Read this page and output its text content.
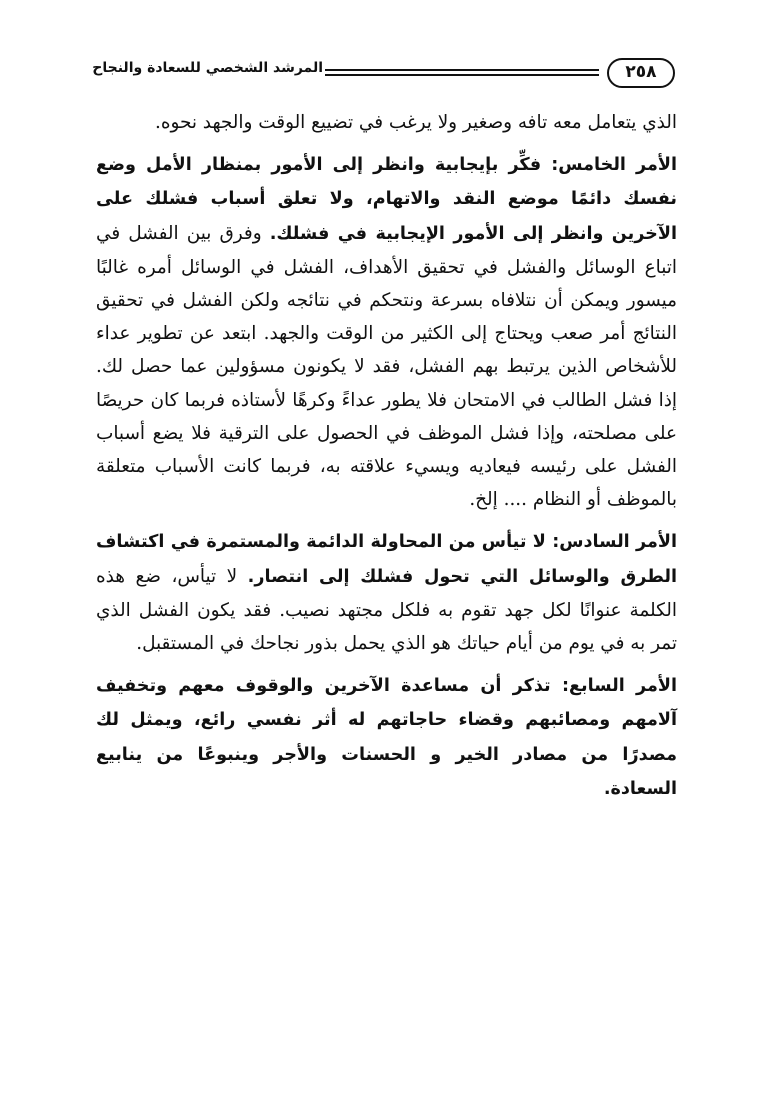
٢٥٨
المرشد الشخصي للسعادة والنجاح

الذي يتعامل معه تافه وصغير ولا يرغب في تضييع الوقت والجهد نحوه.

الأمر الخامس: فكِّر بإيجابية وانظر إلى الأمور بمنظار الأمل وضع نفسك دائمًا موضع النقد والاتهام، ولا تعلق أسباب فشلك على الآخرين وانظر إلى الأمور الإيجابية في فشلك. وفرق بين الفشل في اتباع الوسائل والفشل في تحقيق الأهداف، الفشل في الوسائل أمره غالبًا ميسور ويمكن أن نتلافاه بسرعة ونتحكم في نتائجه ولكن الفشل في تحقيق النتائج أمر صعب ويحتاج إلى الكثير من الوقت والجهد. ابتعد عن تطوير عداء للأشخاص الذين يرتبط بهم الفشل، فقد لا يكونون مسؤولين عما حصل لك. إذا فشل الطالب في الامتحان فلا يطور عداءً وكرهًا لأستاذه فربما كان حريصًا على مصلحته، وإذا فشل الموظف في الحصول على الترقية فلا يضع أسباب الفشل على رئيسه فيعاديه ويسيء علاقته به، فربما كانت الأسباب متعلقة بالموظف أو النظام .... إلخ.

الأمر السادس: لا تيأس من المحاولة الدائمة والمستمرة في اكتشاف الطرق والوسائل التي تحول فشلك إلى انتصار. لا تيأس، ضع هذه الكلمة عنوانًا لكل جهد تقوم به فلكل مجتهد نصيب. فقد يكون الفشل الذي تمر به في يوم من أيام حياتك هو الذي يحمل بذور نجاحك في المستقبل.

الأمر السابع: تذكر أن مساعدة الآخرين والوقوف معهم وتخفيف آلامهم ومصائبهم وقضاء حاجاتهم له أثر نفسي رائع، ويمثل لك مصدرًا من مصادر الخير و الحسنات والأجر وينبوعًا من ينابيع السعادة.
